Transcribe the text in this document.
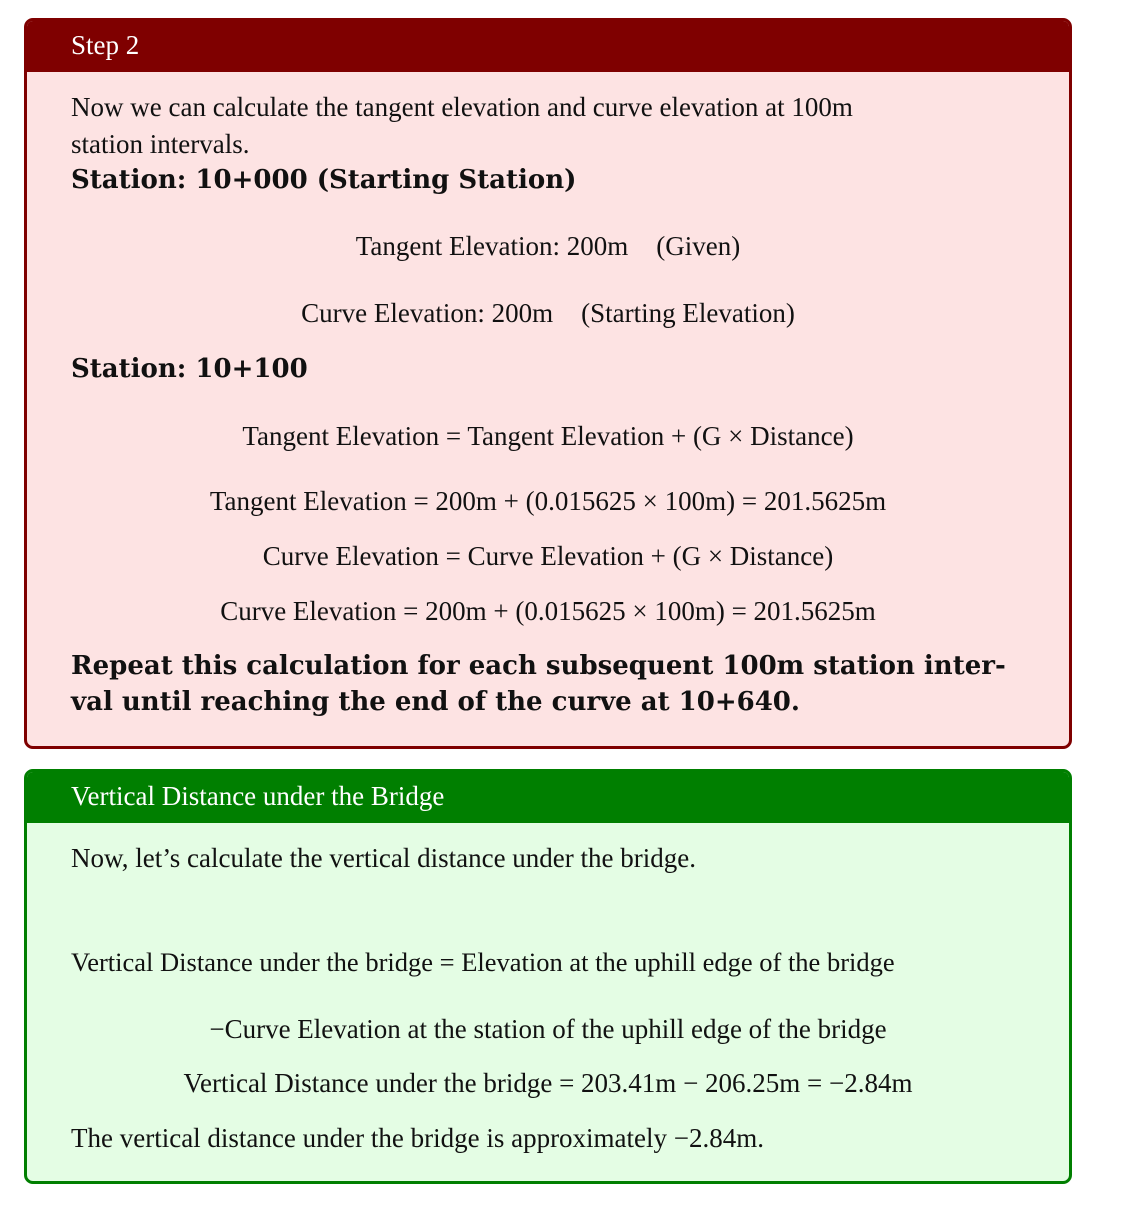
Step 2
Now we can calculate the tangent elevation and curve elevation at 100m
station intervals.
Station: 10+000 (Starting Station)
Tangent Elevation: 200m (Given)
Curve Elevation: 200m (Starting Elevation)
Station: 10+100
Tangent Elevation = Tangent Elevation + (G × Distance)
Tangent Elevation = 200m + (0.015625 × 100m) = 201.5625m
Curve Elevation = Curve Elevation + (G × Distance)
Curve Elevation = 200m + (0.015625 × 100m) = 201.5625m
Repeat this calculation for each subsequent 100m station inter-
val until reaching the end of the curve at 10+640.
Vertical Distance under the Bridge
Now, let’s calculate the vertical distance under the bridge.
Vertical Distance under the bridge = Elevation at the uphill edge of the bridge
−Curve Elevation at the station of the uphill edge of the bridge
Vertical Distance under the bridge = 203.41m − 206.25m = −2.84m
The vertical distance under the bridge is approximately −2.84m.
